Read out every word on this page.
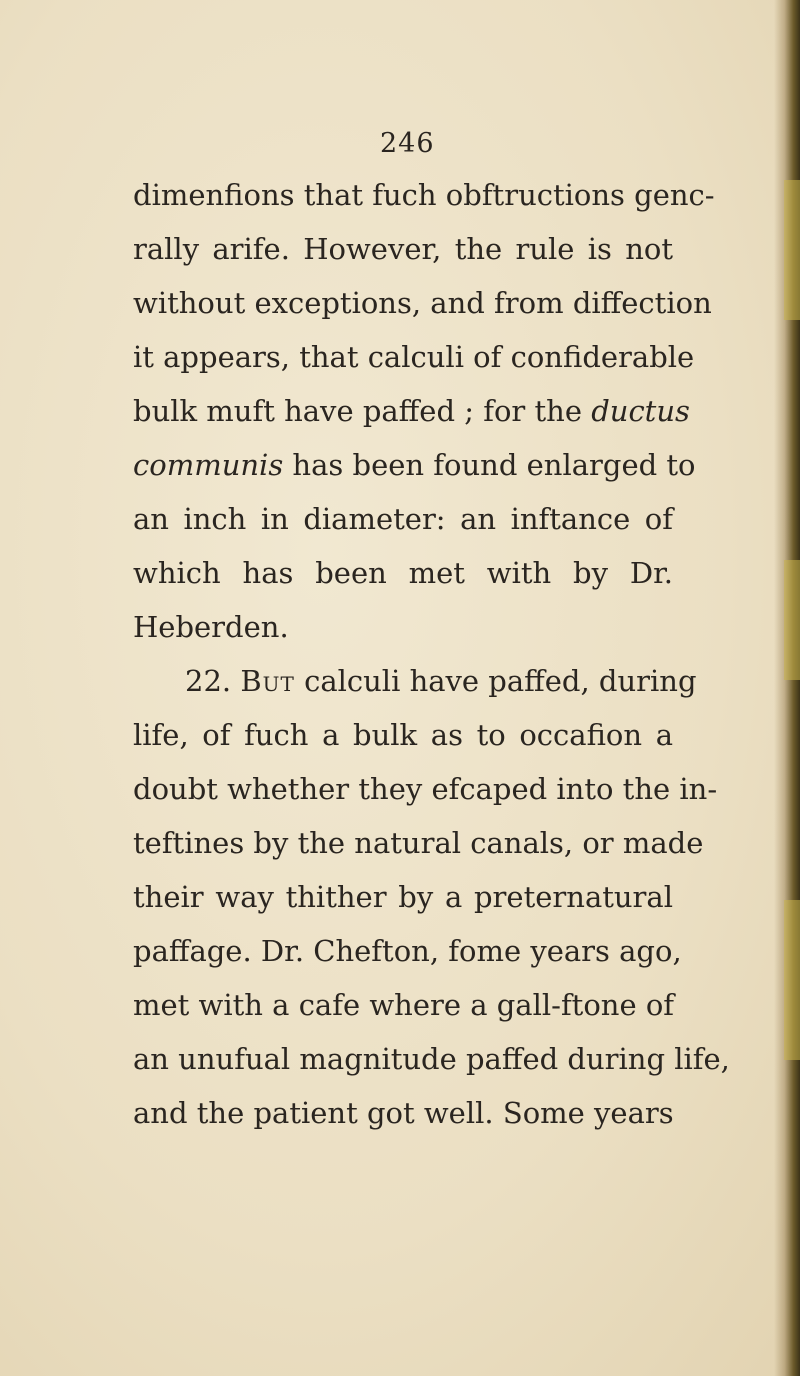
246
dimenfions that fuch obftructions genc-
rally arife. However, the rule is not
without exceptions, and from diffection
it appears, that calculi of confiderable
bulk muft have paffed ; for the ductus
communis has been found enlarged to
an inch in diameter: an inftance of
which has been met with by Dr.
Heberden.
22. But calculi have paffed, during
life, of fuch a bulk as to occafion a
doubt whether they efcaped into the in-
teftines by the natural canals, or made
their way thither by a preternatural
paffage. Dr. Chefton, fome years ago,
met with a cafe where a gall-ftone of
an unufual magnitude paffed during life,
and the patient got well. Some years
